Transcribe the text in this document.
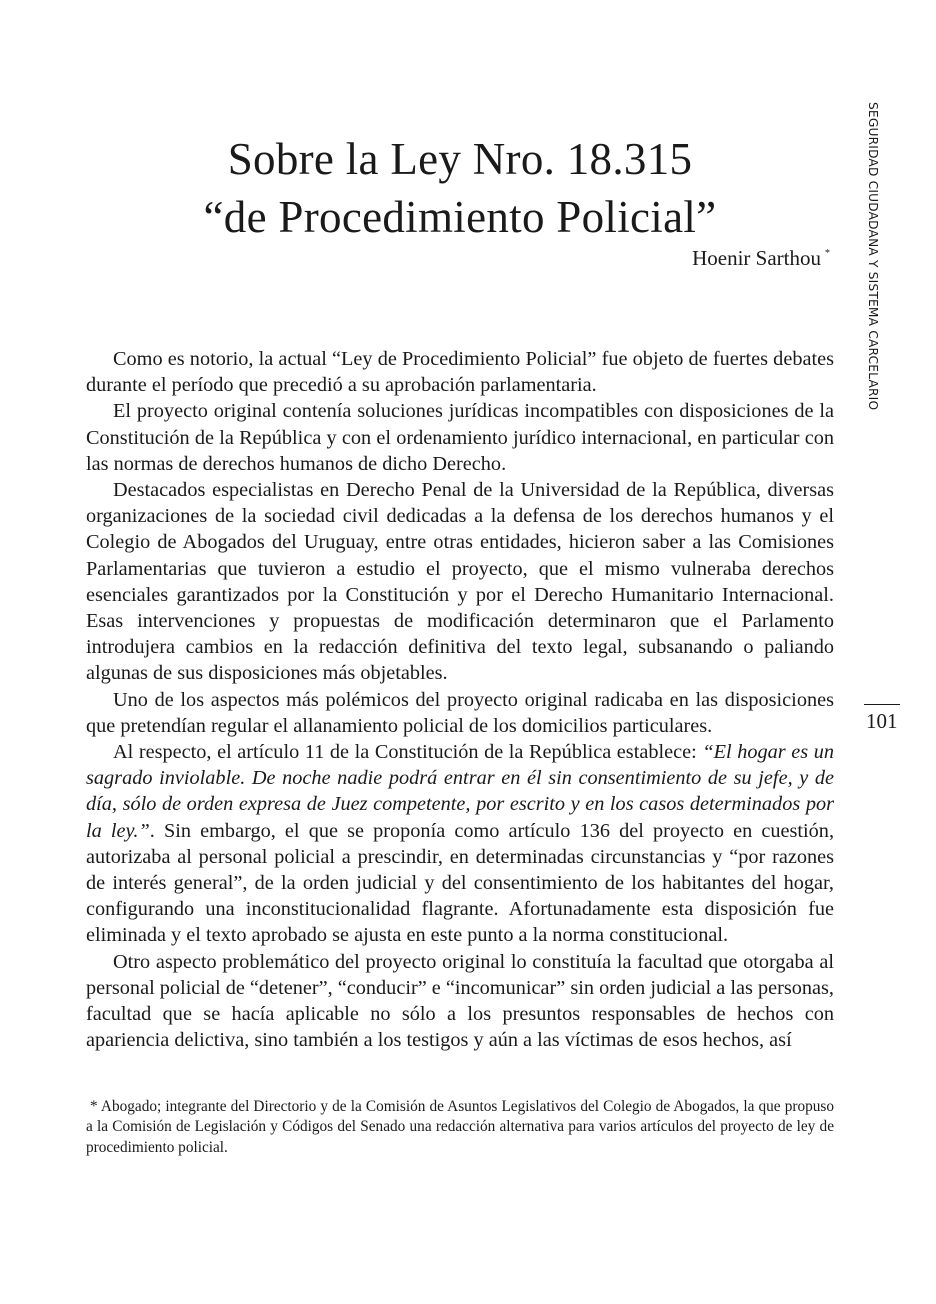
Sobre la Ley Nro. 18.315
“de Procedimiento Policial”
Hoenir Sarthou *	SEGURIDAD CIUDADANA Y SISTEMA CARCELARIO
101

Como es notorio, la actual “Ley de Procedimiento Policial” fue objeto de fuertes debates durante el período que precedió a su aprobación parlamentaria.

El proyecto original contenía soluciones jurídicas incompatibles con disposiciones de la Constitución de la República y con el ordenamiento jurídico internacional, en particular con las normas de derechos humanos de dicho Derecho.

Destacados especialistas en Derecho Penal de la Universidad de la República, diversas organizaciones de la sociedad civil dedicadas a la defensa de los derechos humanos y el Colegio de Abogados del Uruguay, entre otras entidades, hicieron saber a las Comisiones Parlamentarias que tuvieron a estudio el proyecto, que el mismo vulneraba derechos esenciales garantizados por la Constitución y por el Derecho Humanitario Internacional. Esas intervenciones y propuestas de modificación determinaron que el Parlamento introdujera cambios en la redacción definitiva del texto legal, subsanando o paliando algunas de sus disposiciones más objetables.

Uno de los aspectos más polémicos del proyecto original radicaba en las disposiciones que pretendían regular el allanamiento policial de los domicilios particulares.

Al respecto, el artículo 11 de la Constitución de la República establece: “El hogar es un sagrado inviolable. De noche nadie podrá entrar en él sin consentimiento de su jefe, y de día, sólo de orden expresa de Juez competente, por escrito y en los casos determinados por la ley.”. Sin embargo, el que se proponía como artículo 136 del proyecto en cuestión, autorizaba al personal policial a prescindir, en determinadas circunstancias y “por razones de interés general”, de la orden judicial y del consentimiento de los habitantes del hogar, configurando una inconstitucionalidad flagrante. Afortunadamente esta disposición fue eliminada y el texto aprobado se ajusta en este punto a la norma constitucional.

Otro aspecto problemático del proyecto original lo constituía la facultad que otorgaba al personal policial de “detener”, “conducir” e “incomunicar” sin orden judicial a las personas, facultad que se hacía aplicable no sólo a los presuntos responsables de hechos con apariencia delictiva, sino también a los testigos y aún a las víctimas de esos hechos, así

* Abogado; integrante del Directorio y de la Comisión de Asuntos Legislativos del Colegio de Abogados, la que propuso a la Comisión de Legislación y Códigos del Senado una redacción alternativa para varios artículos del proyecto de ley de procedimiento policial.
